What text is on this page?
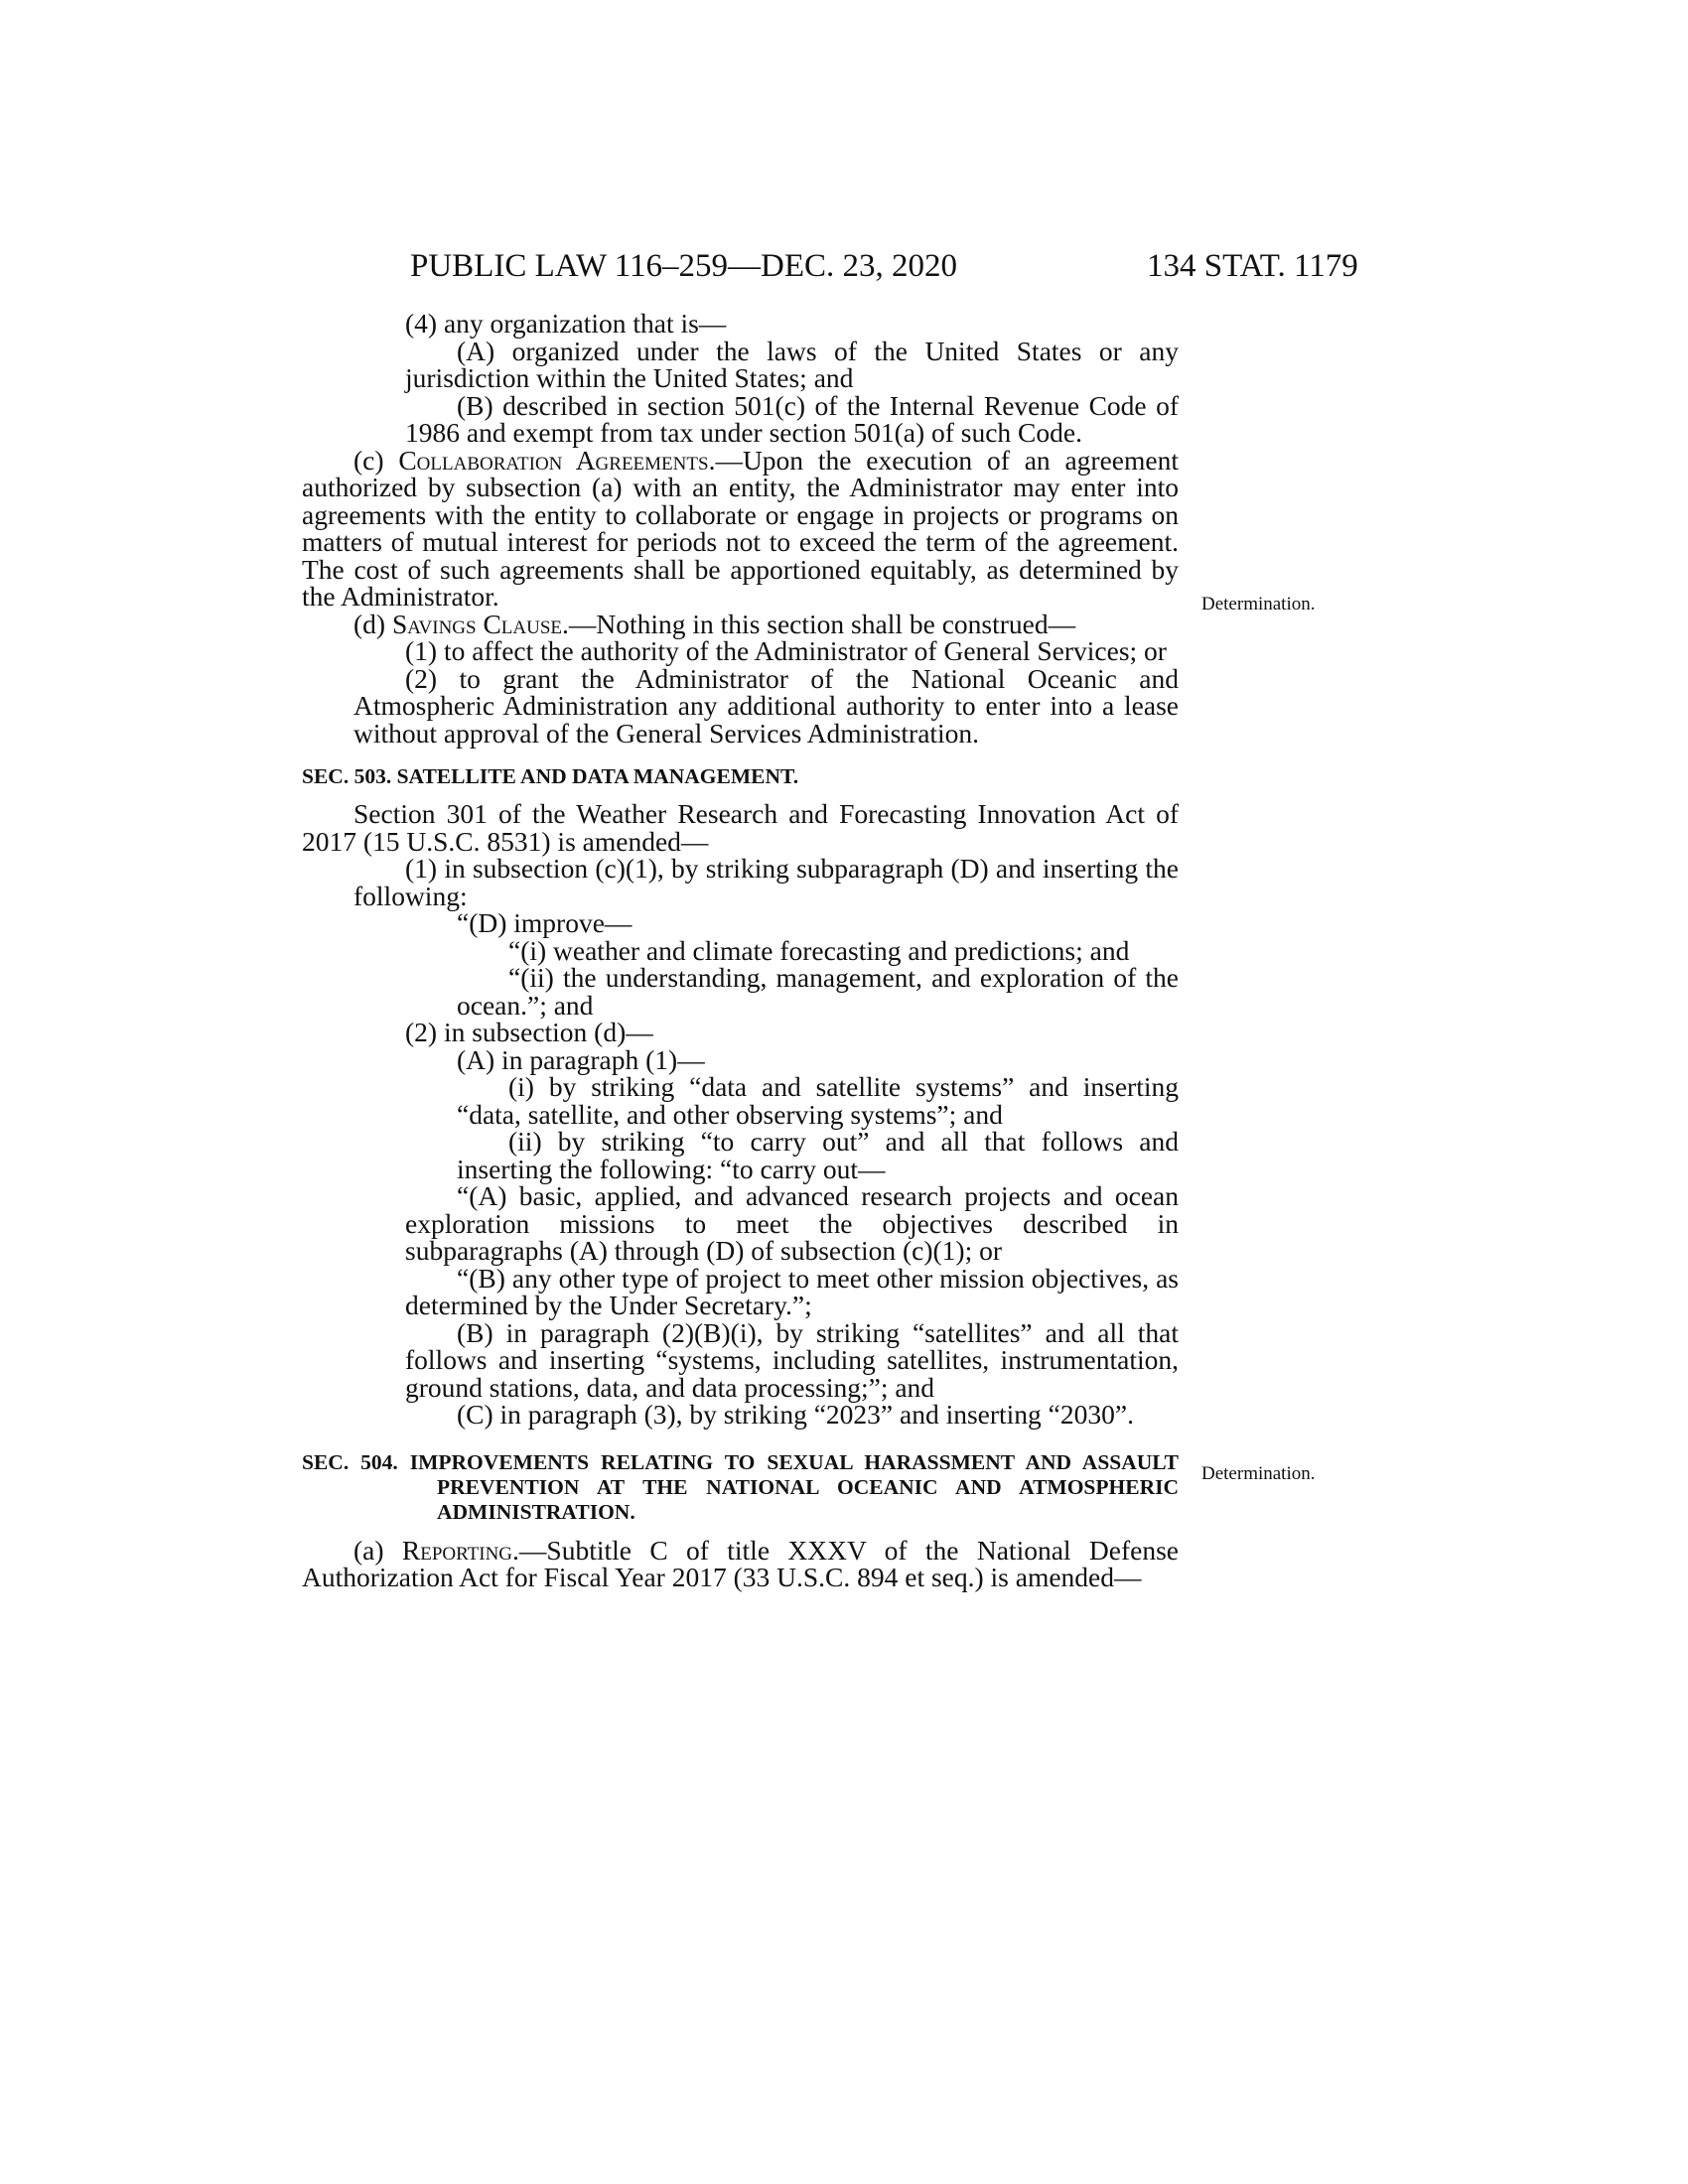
PUBLIC LAW 116–259—DEC. 23, 2020	134 STAT. 1179
Determination.
Determination.

(4) any organization that is—

(A) organized under the laws of the United States or any jurisdiction within the United States; and

(B) described in section 501(c) of the Internal Revenue Code of 1986 and exempt from tax under section 501(a) of such Code.

(c) Collaboration Agreements.—Upon the execution of an agreement authorized by subsection (a) with an entity, the Administrator may enter into agreements with the entity to collaborate or engage in projects or programs on matters of mutual interest for periods not to exceed the term of the agreement. The cost of such agreements shall be apportioned equitably, as determined by the Administrator.

(d) Savings Clause.—Nothing in this section shall be construed—

(1) to affect the authority of the Administrator of General Services; or

(2) to grant the Administrator of the National Oceanic and Atmospheric Administration any additional authority to enter into a lease without approval of the General Services Administration.

SEC. 503. SATELLITE AND DATA MANAGEMENT.

Section 301 of the Weather Research and Forecasting Innovation Act of 2017 (15 U.S.C. 8531) is amended—

(1) in subsection (c)(1), by striking subparagraph (D) and inserting the following:

“(D) improve—

“(i) weather and climate forecasting and predictions; and

“(ii) the understanding, management, and exploration of the ocean.”; and

(2) in subsection (d)—

(A) in paragraph (1)—

(i) by striking “data and satellite systems” and inserting “data, satellite, and other observing systems”; and

(ii) by striking “to carry out” and all that follows and inserting the following: “to carry out—

“(A) basic, applied, and advanced research projects and ocean exploration missions to meet the objectives described in subparagraphs (A) through (D) of subsection (c)(1); or

“(B) any other type of project to meet other mission objectives, as determined by the Under Secretary.”;

(B) in paragraph (2)(B)(i), by striking “satellites” and all that follows and inserting “systems, including satellites, instrumentation, ground stations, data, and data processing;”; and

(C) in paragraph (3), by striking “2023” and inserting “2030”.

SEC. 504. IMPROVEMENTS RELATING TO SEXUAL HARASSMENT AND ASSAULT PREVENTION AT THE NATIONAL OCEANIC AND ATMOSPHERIC ADMINISTRATION.

(a) Reporting.—Subtitle C of title XXXV of the National Defense Authorization Act for Fiscal Year 2017 (33 U.S.C. 894 et seq.) is amended—
